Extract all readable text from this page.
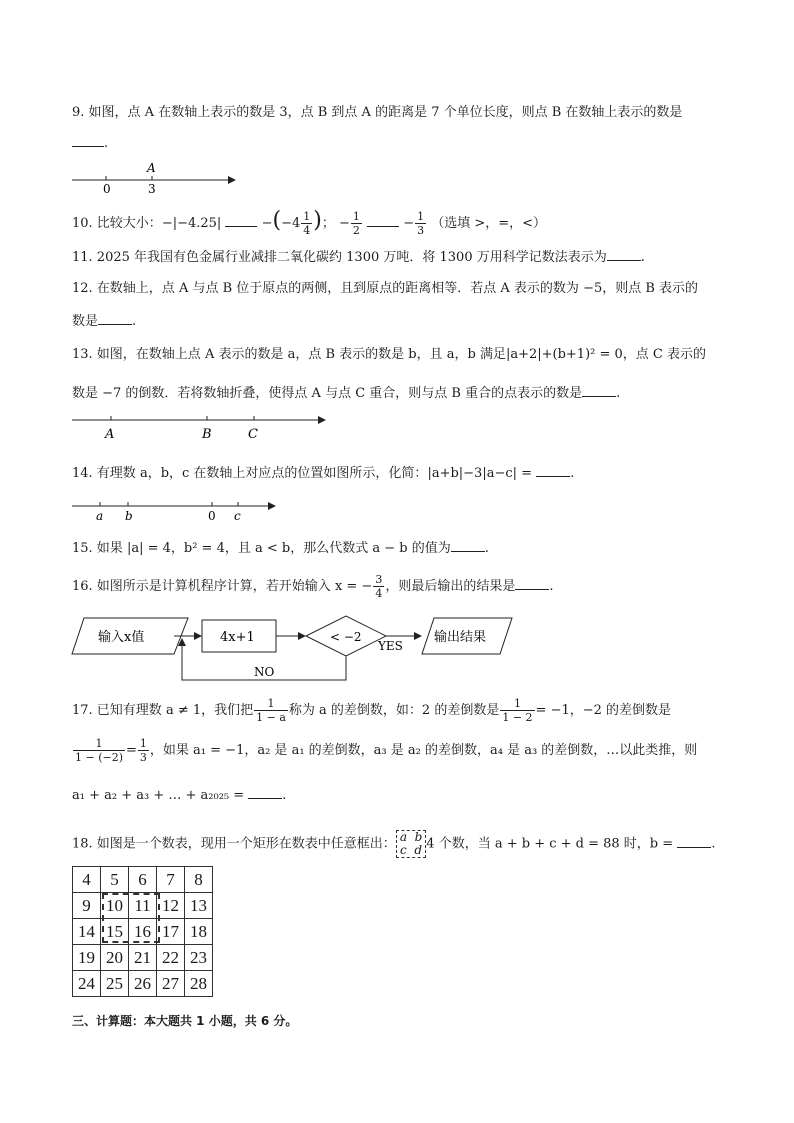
9. 如图，点 A 在数轴上表示的数是 3，点 B 到点 A 的距离是 7 个单位长度，则点 B 在数轴上表示的数是
.
A
0	3
10. 比较大小：−|−4.25|	$-(-4 \frac{1}{4}$ )； − $\frac{1}{2}$	− $\frac{1}{3}$ （选填 >，=，<）
11. 2025 年我国有色金属行业减排二氧化碳约 1300 万吨．将 1300 万用科学记数法表示为	.
12. 在数轴上，点 A 与点 B 位于原点的两侧，且到原点的距离相等．若点 A 表示的数为 −5，则点 B 表示的
数是	.
13. 如图，在数轴上点 A 表示的数是 a，点 B 表示的数是 b，且 a，b 满足|a+2|+(b+1)² = 0，点 C 表示的
数是 −7 的倒数．若将数轴折叠，使得点 A 与点 C 重合，则与点 B 重合的点表示的数是	.
A	B	C
14. 有理数 a，b，c 在数轴上对应点的位置如图所示，化简：|a+b|−3|a−c| =	.
a b	0 c
15. 如果 |a| = 4，b² = 4，且 a < b，那么代数式 a − b 的值为	.
16. 如图所示是计算机程序计算，若开始输入 x = − $\frac{3}{4}$ ，则最后输出的结果是	.
输入x值	4x+1	< −2
YES
输出结果
NO
17. 已知有理数 a ≠ 1，我们把 $\frac{1}{1 - a}$ 称为 a 的差倒数，如：2 的差倒数是 $\frac{1}{1 - 2} = -1$，−2 的差倒数是
$\frac{1}{1 - (-2)} = \frac{1}{3}$ ，如果 a₁ = −1，a₂ 是 a₁ 的差倒数，a₃ 是 a₂ 的差倒数，a₄ 是 a₃ 的差倒数，…以此类推，则
a₁ + a₂ + a₃ + … + a₂₀₂₅ =	.
18. 如图是一个数表，现用一个矩形在数表中任意框出： a b
c d 4 个数，当 a + b + c + d = 88 时，b =	.
4	5	6	7	8
9	10	11	12	13
14	15	16	17	18
19	20	21	22	23
24	25	26	27	28
三、计算题：本大题共 1 小题，共 6 分。
